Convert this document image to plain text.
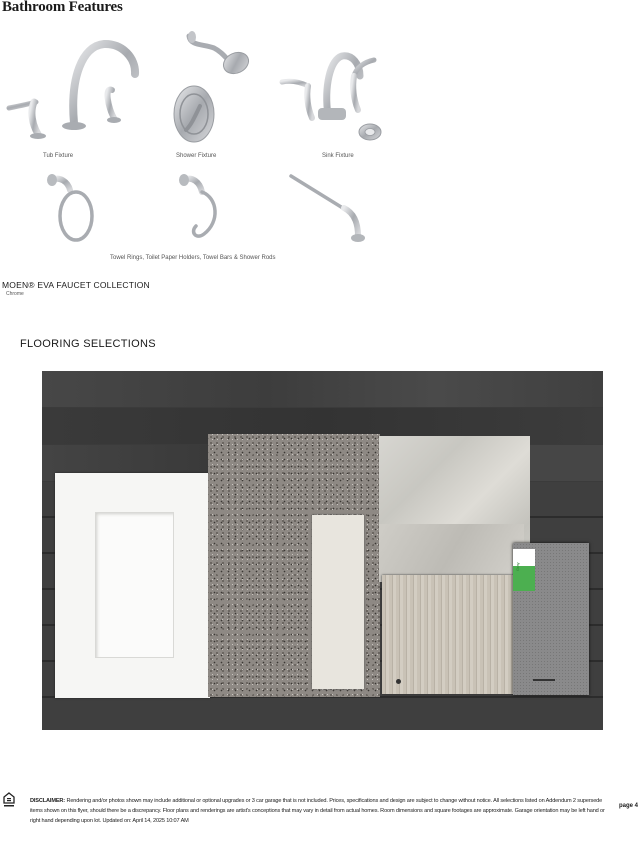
Bathroom Features
Tub Fixture	Shower Fixture	Sink Fixture
Towel Rings, Toilet Paper Holders, Towel Bars & Shower Rods
MOEN® EVA FAUCET COLLECTION
Chrome
FLOORING SELECTIONS
Gray
DISCLAIMER: Rendering and/or photos shown may include additional or optional upgrades or 3 car garage that is not included. Prices, specifications and design are subject to change without notice. All selections listed on Addendum 2 supersede items shown on this flyer, should there be a discrepancy. Floor plans and renderings are artist's conceptions that may vary in detail from actual homes. Room dimensions and square footages are approximate. Garage orientation may be left hand or right hand depending upon lot. Updated on: April 14, 2025 10:07 AM
page 4
